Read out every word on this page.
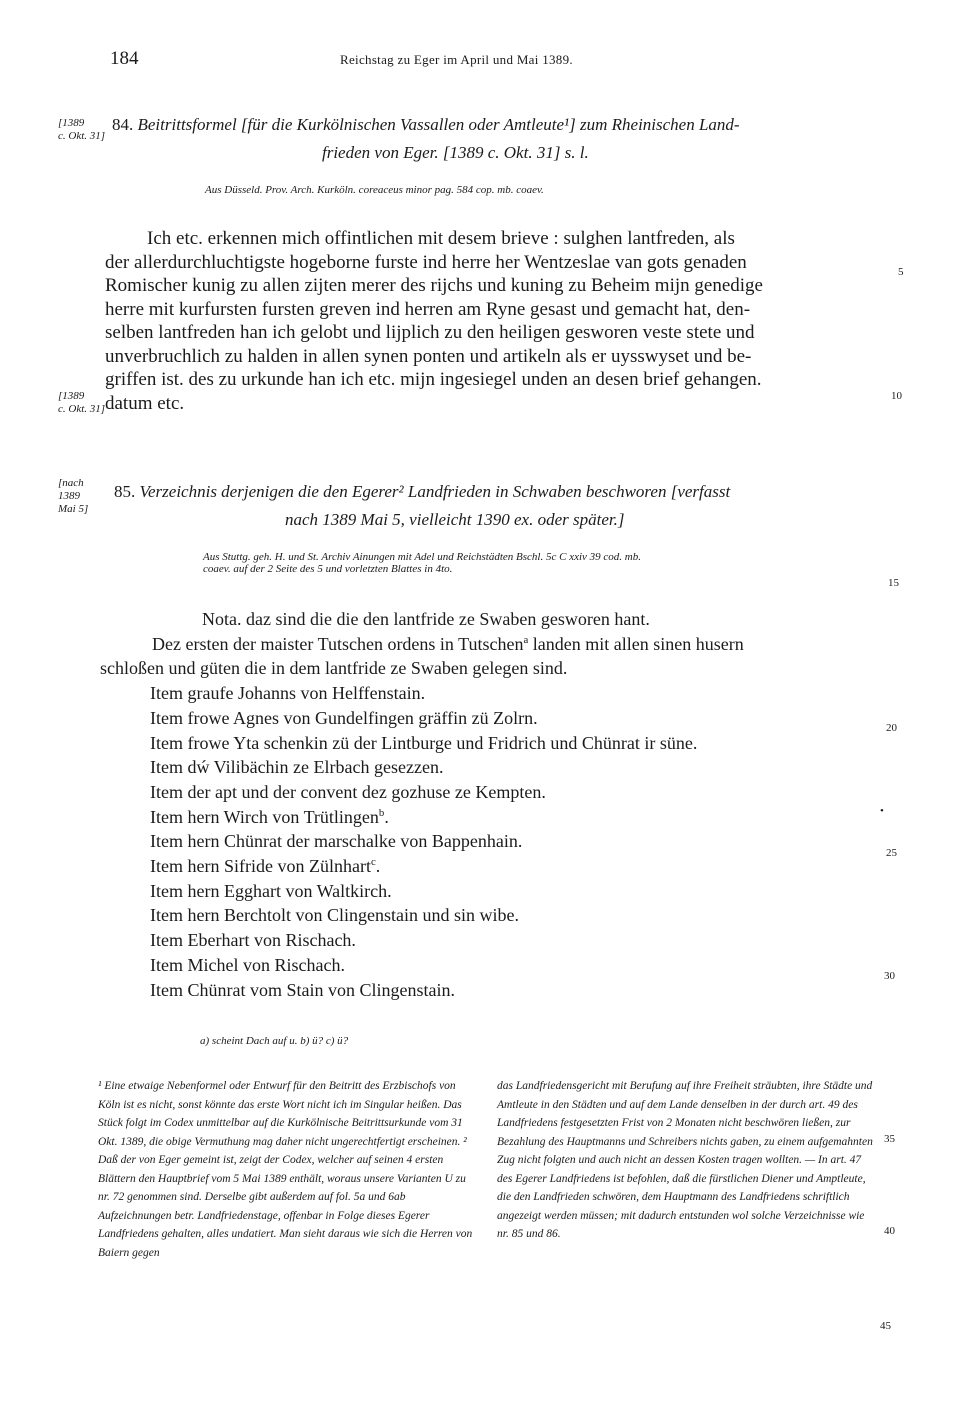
184	Reichstag zu Eger im April und Mai 1389.
[1389
c. Okt. 31]
84. Beitrittsformel [für die Kurkölnischen Vassallen oder Amtleute¹] zum Rheinischen Land-
frieden von Eger. [1389 c. Okt. 31] s. l.
Aus Düsseld. Prov. Arch. Kurköln. coreaceus minor pag. 584 cop. mb. coaev.

Ich etc. erkennen mich offintlichen mit desem brieve : sulghen lantfreden, als

der allerdurchluchtigste hogeborne furste ind herre her Wentzeslae van gots genaden

Romischer kunig zu allen zijten merer des rijchs und kuning zu Beheim mijn genedige

herre mit kurfursten fursten greven ind herren am Ryne gesast und gemacht hat, den-

selben lantfreden han ich gelobt und lijplich zu den heiligen gesworen veste stete und

unverbruchlich zu halden in allen synen ponten und artikeln als er uysswyset und be-

griffen ist. des zu urkunde han ich etc. mijn ingesiegel unden an desen brief gehangen.

datum etc.

[1389
c. Okt. 31]
5
10
[nach
1389
Mai 5]
85. Verzeichnis derjenigen die den Egerer² Landfrieden in Schwaben beschworen [verfasst
nach 1389 Mai 5, vielleicht 1390 ex. oder später.]
Aus Stuttg. geh. H. und St. Archiv Ainungen mit Adel und Reichstädten Bschl. 5c C xxiv 39 cod. mb.
coaev. auf der 2 Seite des 5 und vorletzten Blattes in 4to.
15
Nota. daz sind die die den lantfride ze Swaben gesworen hant.
Dez ersten der maister Tutschen ordens in Tutschen$^a$ landen mit allen sinen husern
schloßen und güten die in dem lantfride ze Swaben gelegen sind.
Item graufe Johanns von Helffenstain.
Item frowe Agnes von Gundelfingen gräffin zü Zolrn.
Item frowe Yta schenkin zü der Lintburge und Fridrich und Chünrat ir süne.
Item dẃ Vilibächin ze Elrbach gesezzen.
Item der apt und der convent dez gozhuse ze Kempten.
Item hern Wirch von Trütlingen$^b$.
Item hern Chünrat der marschalke von Bappenhain.
Item hern Sifride von Zülnhart$^c$.
Item hern Egghart von Waltkirch.
Item hern Berchtolt von Clingenstain und sin wibe.
Item Eberhart von Rischach.
Item Michel von Rischach.
Item Chünrat vom Stain von Clingenstain.
20
•
25
30
a) scheint Dach auf u. b) ü? c) ü?
¹ Eine etwaige Nebenformel oder Entwurf für den Beitritt des Erzbischofs von Köln ist es nicht, sonst könnte das erste Wort nicht ich im Singular heißen. Das Stück folgt im Codex unmittelbar auf die Kurkölnische Beitrittsurkunde vom 31 Okt. 1389, die obige Vermuthung mag daher nicht ungerechtfertigt erscheinen. ² Daß der von Eger gemeint ist, zeigt der Codex, welcher auf seinen 4 ersten Blättern den Hauptbrief vom 5 Mai 1389 enthält, woraus unsere Varianten U zu nr. 72 genommen sind. Derselbe gibt außerdem auf fol. 5a und 6ab Aufzeichnungen betr. Landfriedenstage, offenbar in Folge dieses Egerer Landfriedens gehalten, alles undatiert. Man sieht daraus wie sich die Herren von Baiern gegen
das Landfriedensgericht mit Berufung auf ihre Freiheit sträubten, ihre Städte und Amtleute in den Städten und auf dem Lande denselben in der durch art. 49 des Landfriedens festgesetzten Frist von 2 Monaten nicht beschwören ließen, zur Bezahlung des Hauptmanns und Schreibers nichts gaben, zu einem aufgemahnten Zug nicht folgten und auch nicht an dessen Kosten tragen wollten. — In art. 47 des Egerer Landfriedens ist befohlen, daß die fürstlichen Diener und Amptleute, die den Landfrieden schwören, dem Hauptmann des Landfriedens schriftlich angezeigt werden müssen; mit dadurch entstunden wol solche Verzeichnisse wie nr. 85 und 86.
35
40
45
